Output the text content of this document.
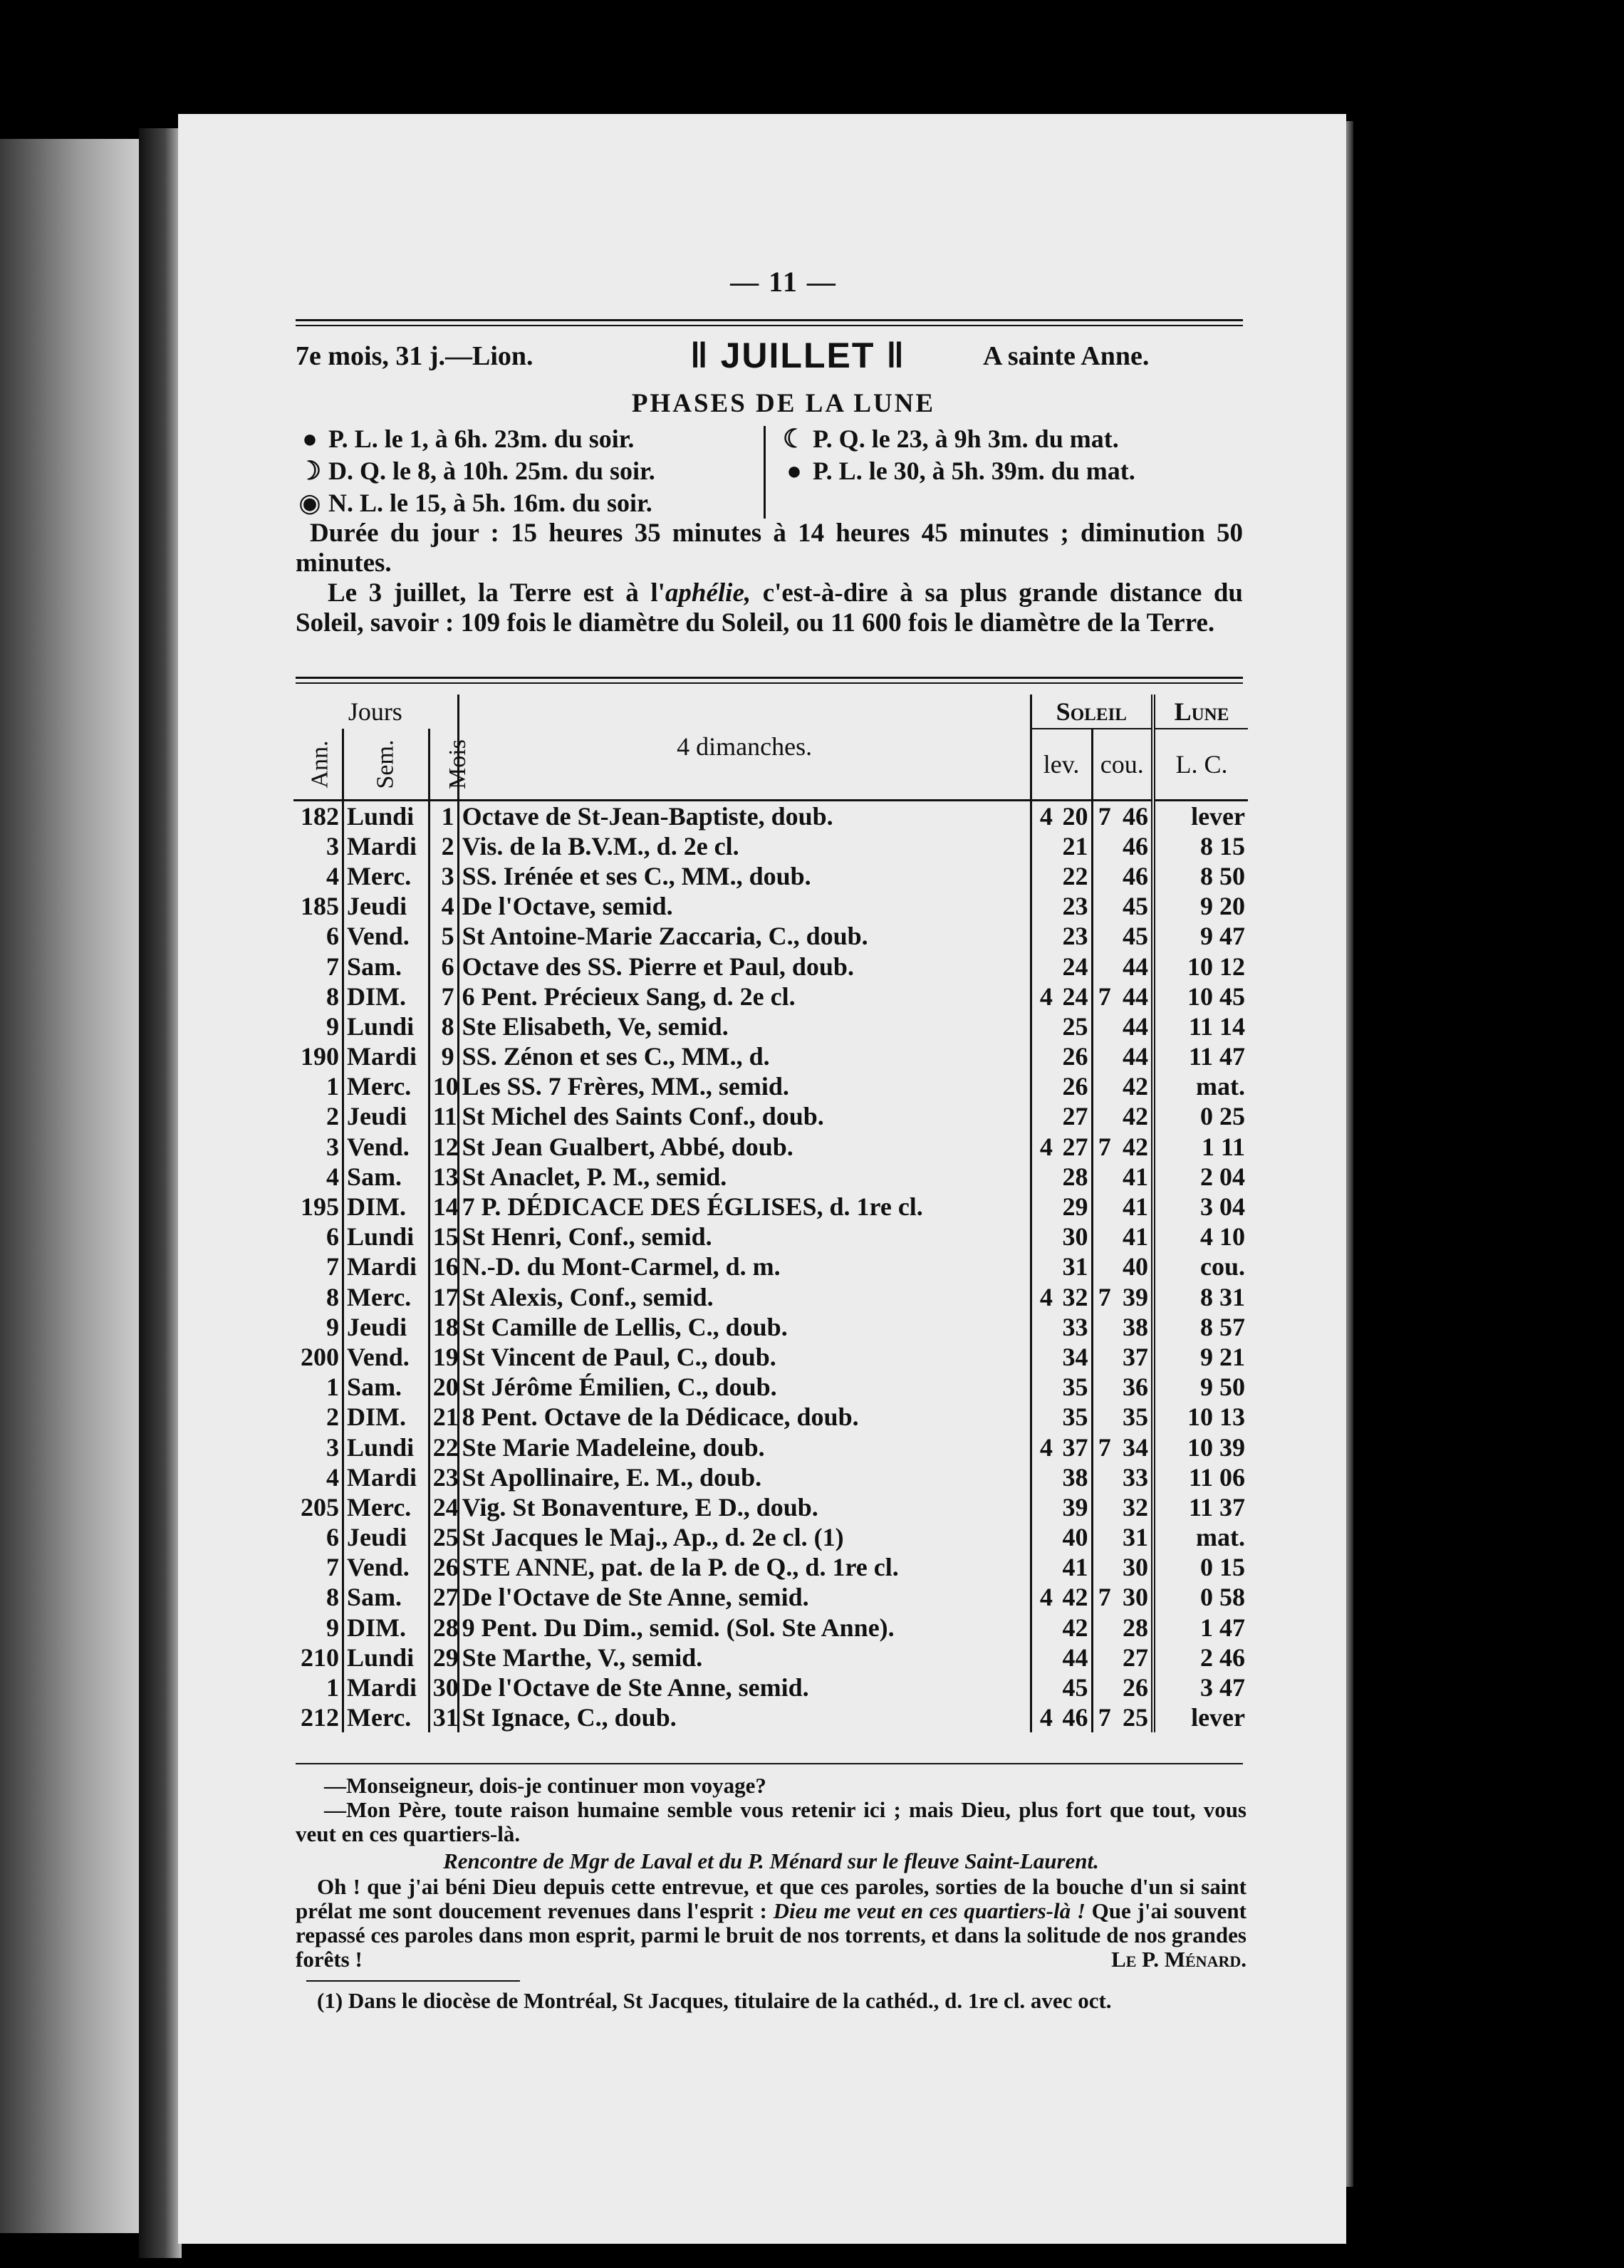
— 11 —
7e mois, 31 j.—Lion.	‖ JUILLET ‖	A sainte Anne.
PHASES DE LA LUNE
● P. L. le 1, à 6h. 23m. du soir.
☽ D. Q. le 8, à 10h. 25m. du soir.
◉ N. L. le 15, à 5h. 16m. du soir.
☾ P. Q. le 23, à 9h 3m. du mat.
● P. L. le 30, à 5h. 39m. du mat.
Durée du jour : 15 heures 35 minutes à 14 heures 45 minutes ; diminution 50 minutes.
Le 3 juillet, la Terre est à l'aphélie, c'est-à-dire à sa plus grande distance du Soleil, savoir : 109 fois le diamètre du Soleil, ou 11 600 fois le diamètre de la Terre.
Jours			4 dimanches.	Soleil				Lune
Ann.	Sem.	Mois		lev.		cou.		L. C.
182	Lundi	1	Octave de St-Jean-Baptiste, doub.	4	20	7	46	lever
3	Mardi	2	Vis. de la B.V.M., d. 2e cl.		21		46	8 15
4	Merc.	3	SS. Irénée et ses C., MM., doub.		22		46	8 50
185	Jeudi	4	De l'Octave, semid.		23		45	9 20
6	Vend.	5	St Antoine-Marie Zaccaria, C., doub.		23		45	9 47
7	Sam.	6	Octave des SS. Pierre et Paul, doub.		24		44	10 12
8	DIM.	7	6 Pent. Précieux Sang, d. 2e cl.	4	24	7	44	10 45
9	Lundi	8	Ste Elisabeth, Ve, semid.		25		44	11 14
190	Mardi	9	SS. Zénon et ses C., MM., d.		26		44	11 47
1	Merc.	10	Les SS. 7 Frères, MM., semid.		26		42	mat.
2	Jeudi	11	St Michel des Saints Conf., doub.		27		42	0 25
3	Vend.	12	St Jean Gualbert, Abbé, doub.	4	27	7	42	1 11
4	Sam.	13	St Anaclet, P. M., semid.		28		41	2 04
195	DIM.	14	7 P. DÉDICACE DES ÉGLISES, d. 1re cl.		29		41	3 04
6	Lundi	15	St Henri, Conf., semid.		30		41	4 10
7	Mardi	16	N.-D. du Mont-Carmel, d. m.		31		40	cou.
8	Merc.	17	St Alexis, Conf., semid.	4	32	7	39	8 31
9	Jeudi	18	St Camille de Lellis, C., doub.		33		38	8 57
200	Vend.	19	St Vincent de Paul, C., doub.		34		37	9 21
1	Sam.	20	St Jérôme Émilien, C., doub.		35		36	9 50
2	DIM.	21	8 Pent. Octave de la Dédicace, doub.		35		35	10 13
3	Lundi	22	Ste Marie Madeleine, doub.	4	37	7	34	10 39
4	Mardi	23	St Apollinaire, E. M., doub.		38		33	11 06
205	Merc.	24	Vig. St Bonaventure, E D., doub.		39		32	11 37
6	Jeudi	25	St Jacques le Maj., Ap., d. 2e cl. (1)		40		31	mat.
7	Vend.	26	STE ANNE, pat. de la P. de Q., d. 1re cl.		41		30	0 15
8	Sam.	27	De l'Octave de Ste Anne, semid.	4	42	7	30	0 58
9	DIM.	28	9 Pent. Du Dim., semid. (Sol. Ste Anne).		42		28	1 47
210	Lundi	29	Ste Marthe, V., semid.		44		27	2 46
1	Mardi	30	De l'Octave de Ste Anne, semid.		45		26	3 47
212	Merc.	31	St Ignace, C., doub.	4	46	7	25	lever
—Monseigneur, dois-je continuer mon voyage?
—Mon Père, toute raison humaine semble vous retenir ici ; mais Dieu, plus fort que tout, vous veut en ces quartiers-là.
Rencontre de Mgr de Laval et du P. Ménard sur le fleuve Saint-Laurent.
Oh ! que j'ai béni Dieu depuis cette entrevue, et que ces paroles, sorties de la bouche d'un si saint prélat me sont doucement revenues dans l'esprit : Dieu me veut en ces quartiers-là ! Que j'ai souvent repassé ces paroles dans mon esprit, parmi le bruit de nos torrents, et dans la solitude de nos grandes forêts !	Le P. Ménard.
(1) Dans le diocèse de Montréal, St Jacques, titulaire de la cathéd., d. 1re cl. avec oct.
